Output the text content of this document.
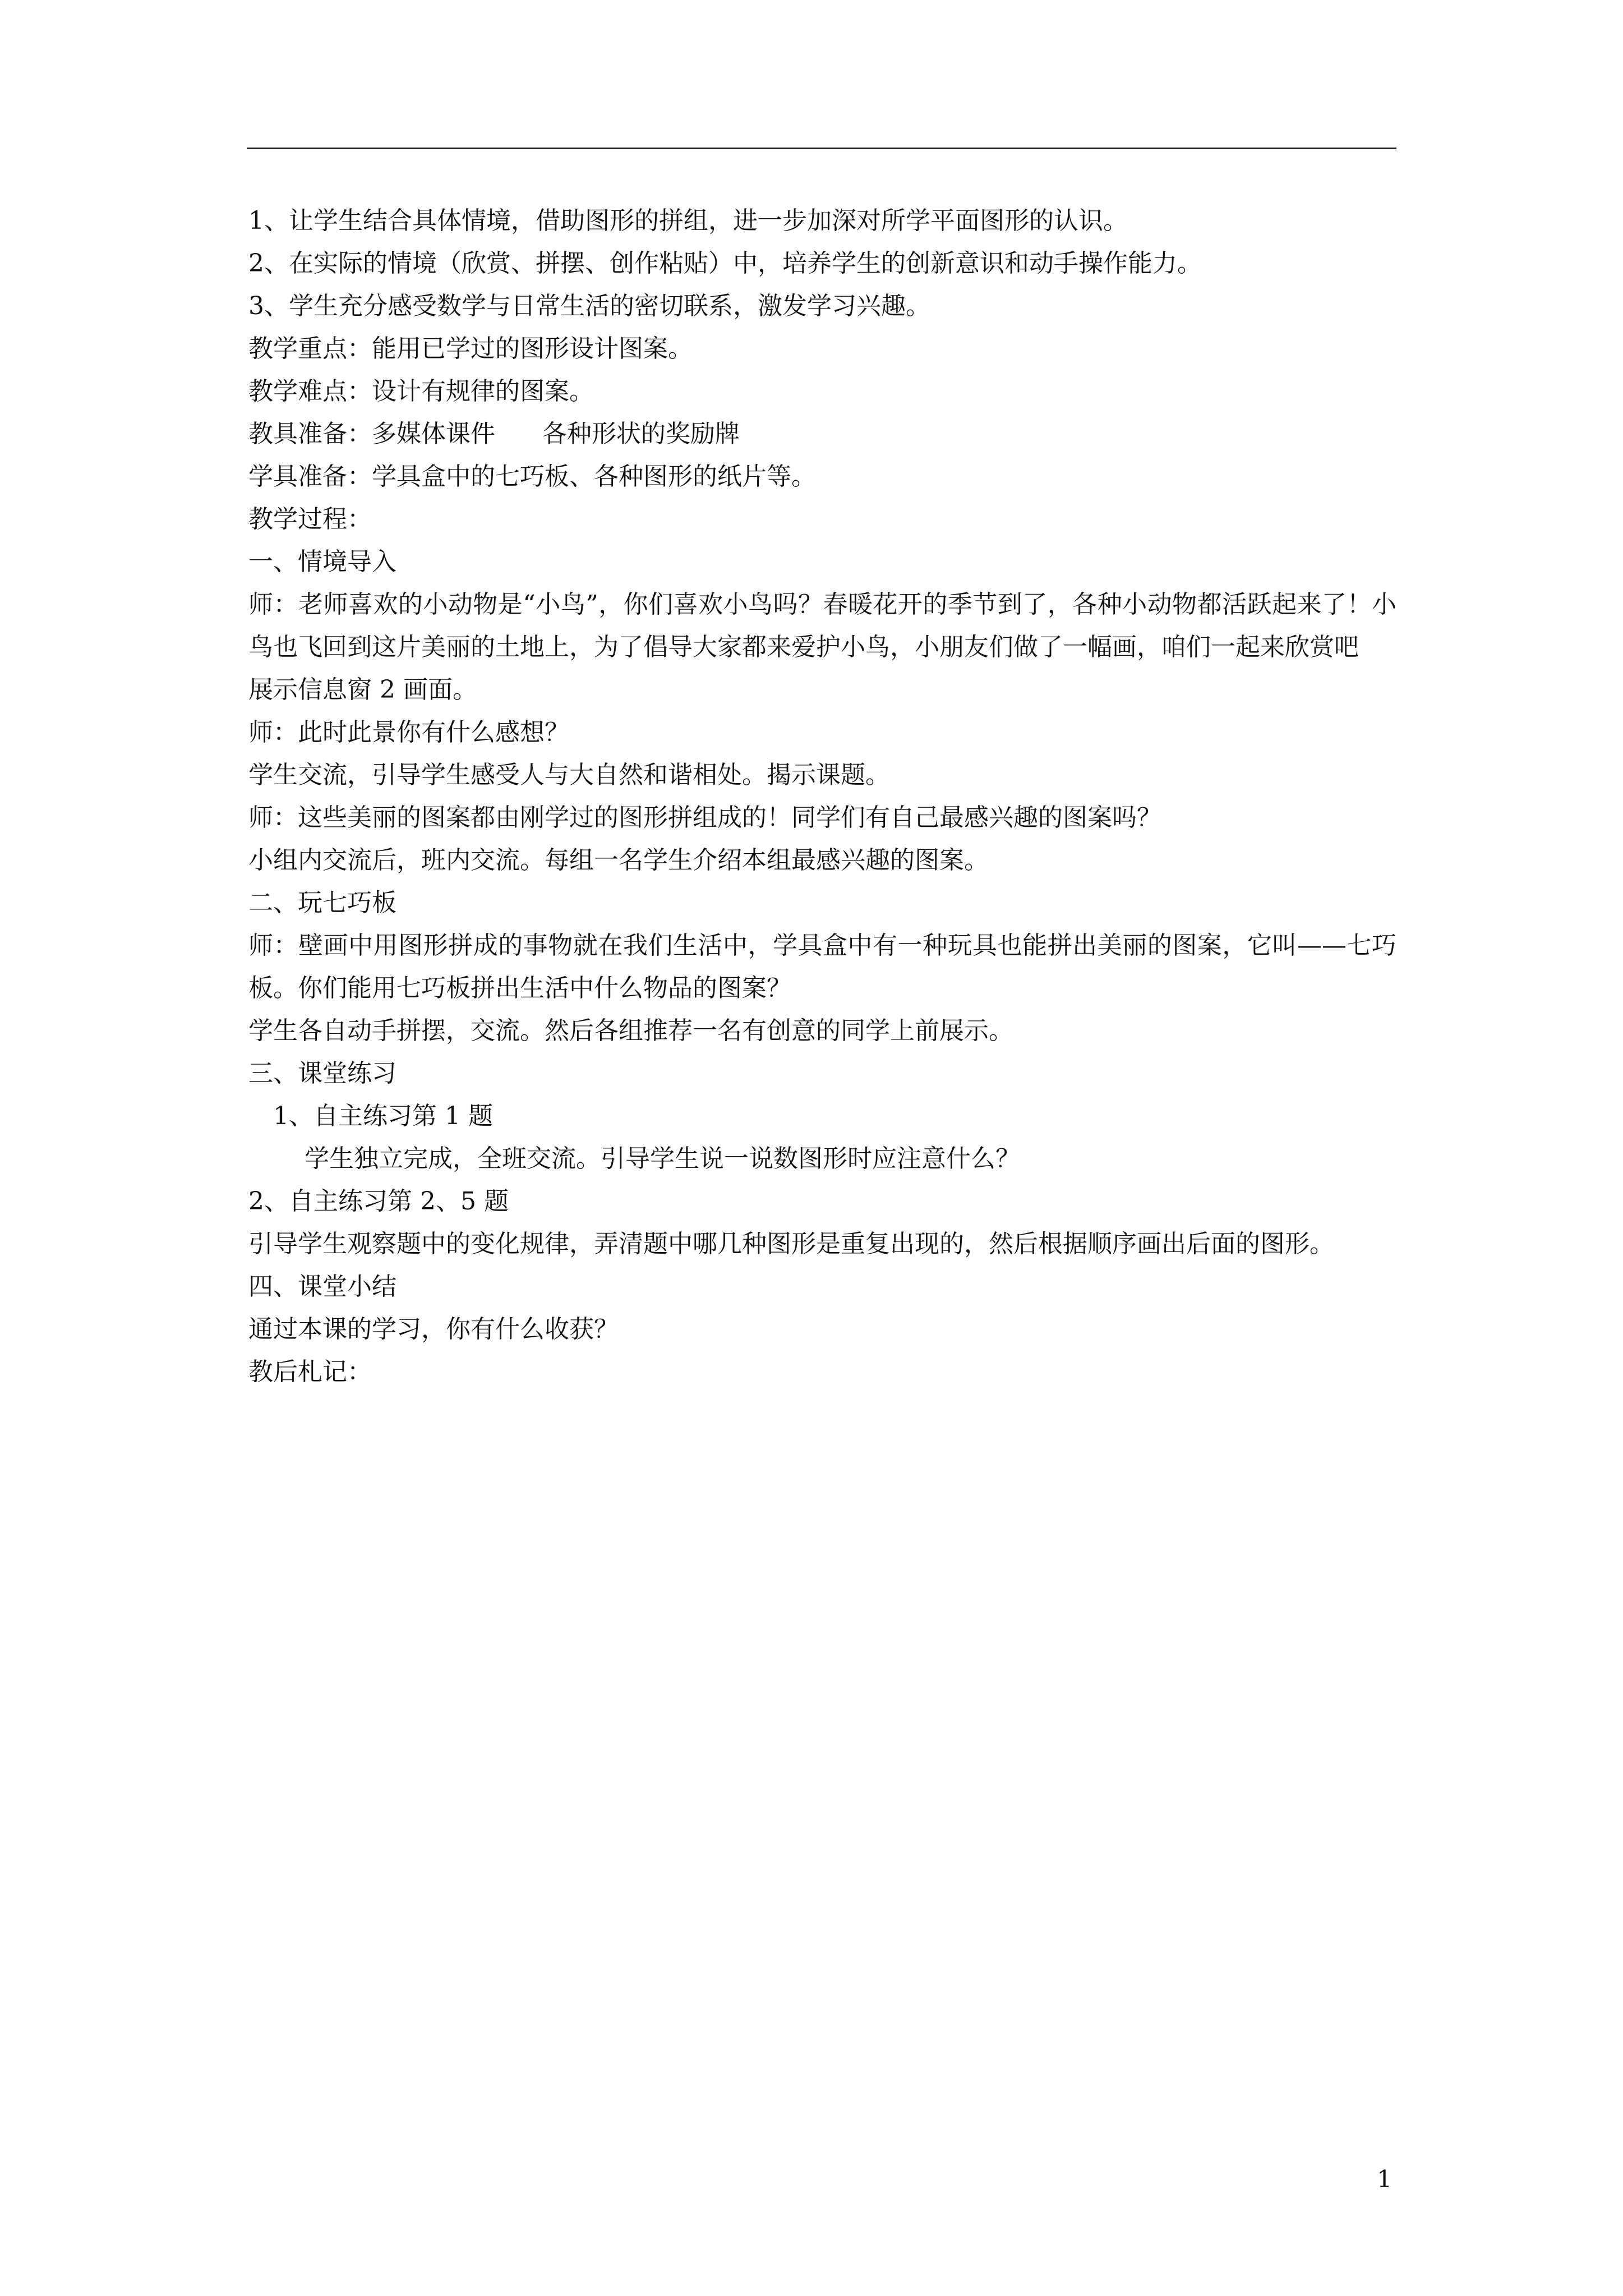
1、让学生结合具体情境，借助图形的拼组，进一步加深对所学平面图形的认识。
2、在实际的情境（欣赏、拼摆、创作粘贴）中，培养学生的创新意识和动手操作能力。
3、学生充分感受数学与日常生活的密切联系，激发学习兴趣。
教学重点：能用已学过的图形设计图案。
教学难点：设计有规律的图案。
教具准备：多媒体课件      各种形状的奖励牌
学具准备：学具盒中的七巧板、各种图形的纸片等。
教学过程：
一、情境导入
师：老师喜欢的小动物是“小鸟”，你们喜欢小鸟吗？春暖花开的季节到了，各种小动物都活跃起来了！小鸟也飞回到这片美丽的土地上，为了倡导大家都来爱护小鸟，小朋友们做了一幅画，咱们一起来欣赏吧
展示信息窗 2 画面。
师：此时此景你有什么感想？
学生交流，引导学生感受人与大自然和谐相处。揭示课题。
师：这些美丽的图案都由刚学过的图形拼组成的！同学们有自己最感兴趣的图案吗？
小组内交流后，班内交流。每组一名学生介绍本组最感兴趣的图案。
二、玩七巧板
师：壁画中用图形拼成的事物就在我们生活中，学具盒中有一种玩具也能拼出美丽的图案，它叫——七巧板。你们能用七巧板拼出生活中什么物品的图案？
学生各自动手拼摆，交流。然后各组推荐一名有创意的同学上前展示。
三、课堂练习
1、自主练习第 1 题
学生独立完成，全班交流。引导学生说一说数图形时应注意什么？
2、自主练习第 2、5 题
引导学生观察题中的变化规律，弄清题中哪几种图形是重复出现的，然后根据顺序画出后面的图形。
四、课堂小结
通过本课的学习，你有什么收获？
教后札记：
1
